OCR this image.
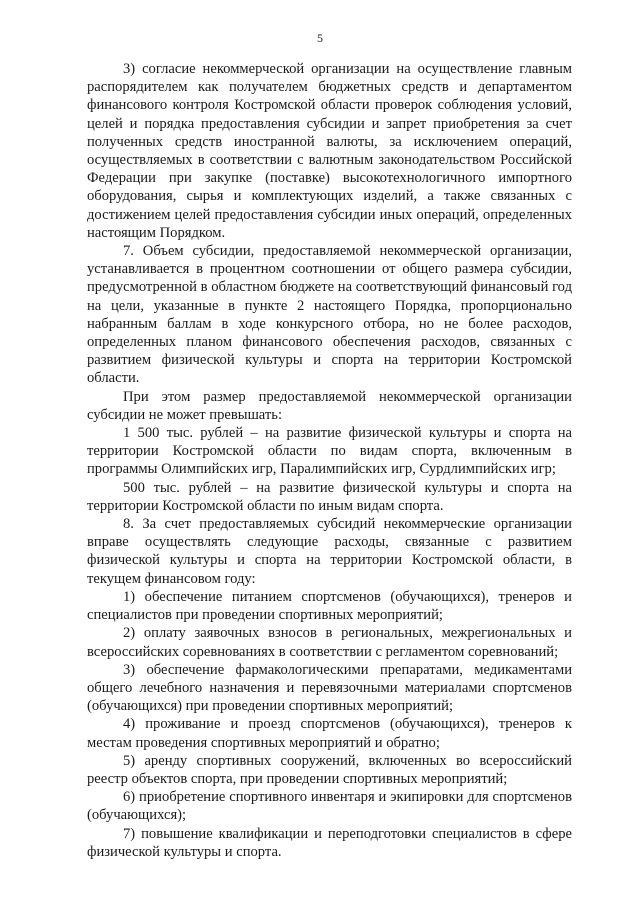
5

3) согласие некоммерческой организации на осуществление главным распорядителем как получателем бюджетных средств и департаментом финансового контроля Костромской области проверок соблюдения условий, целей и порядка предоставления субсидии и запрет приобретения за счет полученных средств иностранной валюты, за исключением операций, осуществляемых в соответствии с валютным законодательством Российской Федерации при закупке (поставке) высокотехнологичного импортного оборудования, сырья и комплектующих изделий, а также связанных с достижением целей предоставления субсидии иных операций, определенных настоящим Порядком.

7. Объем субсидии, предоставляемой некоммерческой организации, устанавливается в процентном соотношении от общего размера субсидии, предусмотренной в областном бюджете на соответствующий финансовый год на цели, указанные в пункте 2 настоящего Порядка, пропорционально набранным баллам в ходе конкурсного отбора, но не более расходов, определенных планом финансового обеспечения расходов, связанных с развитием физической культуры и спорта на территории Костромской области.

При этом размер предоставляемой некоммерческой организации субсидии не может превышать:

1 500 тыс. рублей – на развитие физической культуры и спорта на территории Костромской области по видам спорта, включенным в программы Олимпийских игр, Паралимпийских игр, Сурдлимпийских игр;

500 тыс. рублей – на развитие физической культуры и спорта на территории Костромской области по иным видам спорта.

8. За счет предоставляемых субсидий некоммерческие организации вправе осуществлять следующие расходы, связанные с развитием физической культуры и спорта на территории Костромской области, в текущем финансовом году:

1) обеспечение питанием спортсменов (обучающихся), тренеров и специалистов при проведении спортивных мероприятий;

2) оплату заявочных взносов в региональных, межрегиональных и всероссийских соревнованиях в соответствии с регламентом соревнований;

3) обеспечение фармакологическими препаратами, медикаментами общего лечебного назначения и перевязочными материалами спортсменов (обучающихся) при проведении спортивных мероприятий;

4) проживание и проезд спортсменов (обучающихся), тренеров к местам проведения спортивных мероприятий и обратно;

5) аренду спортивных сооружений, включенных во всероссийский реестр объектов спорта, при проведении спортивных мероприятий;

6) приобретение спортивного инвентаря и экипировки для спортсменов (обучающихся);

7) повышение квалификации и переподготовки специалистов в сфере физической культуры и спорта.
